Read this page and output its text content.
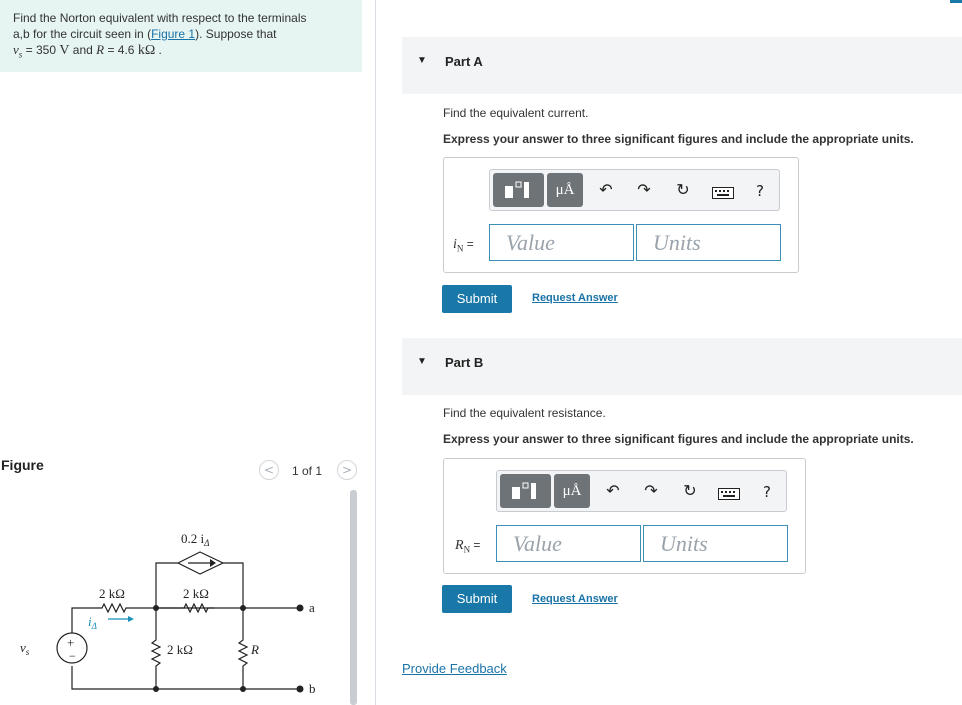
Find the Norton equivalent with respect to the terminals
a,b for the circuit seen in (Figure 1). Suppose that
$v_s = 350$ V and R = 4.6 kΩ .
Figure	<	1 of 1	>
0.2 $i_\Delta$
2 kΩ	2 kΩ
2 kΩ	R
$i_\Delta$
$v_s$
+
−
a
b
▼ Part A
Find the equivalent current.
Express your answer to three significant figures and include the appropriate units.
μÅ	↶ ↷ ↻	?
$i_N$ =	Value	Units
Submit	Request Answer
▼ Part B
Find the equivalent resistance.
Express your answer to three significant figures and include the appropriate units.
μÅ	↶ ↷ ↻	?
$R_N$ =	Value	Units
Submit	Request Answer
Provide Feedback
